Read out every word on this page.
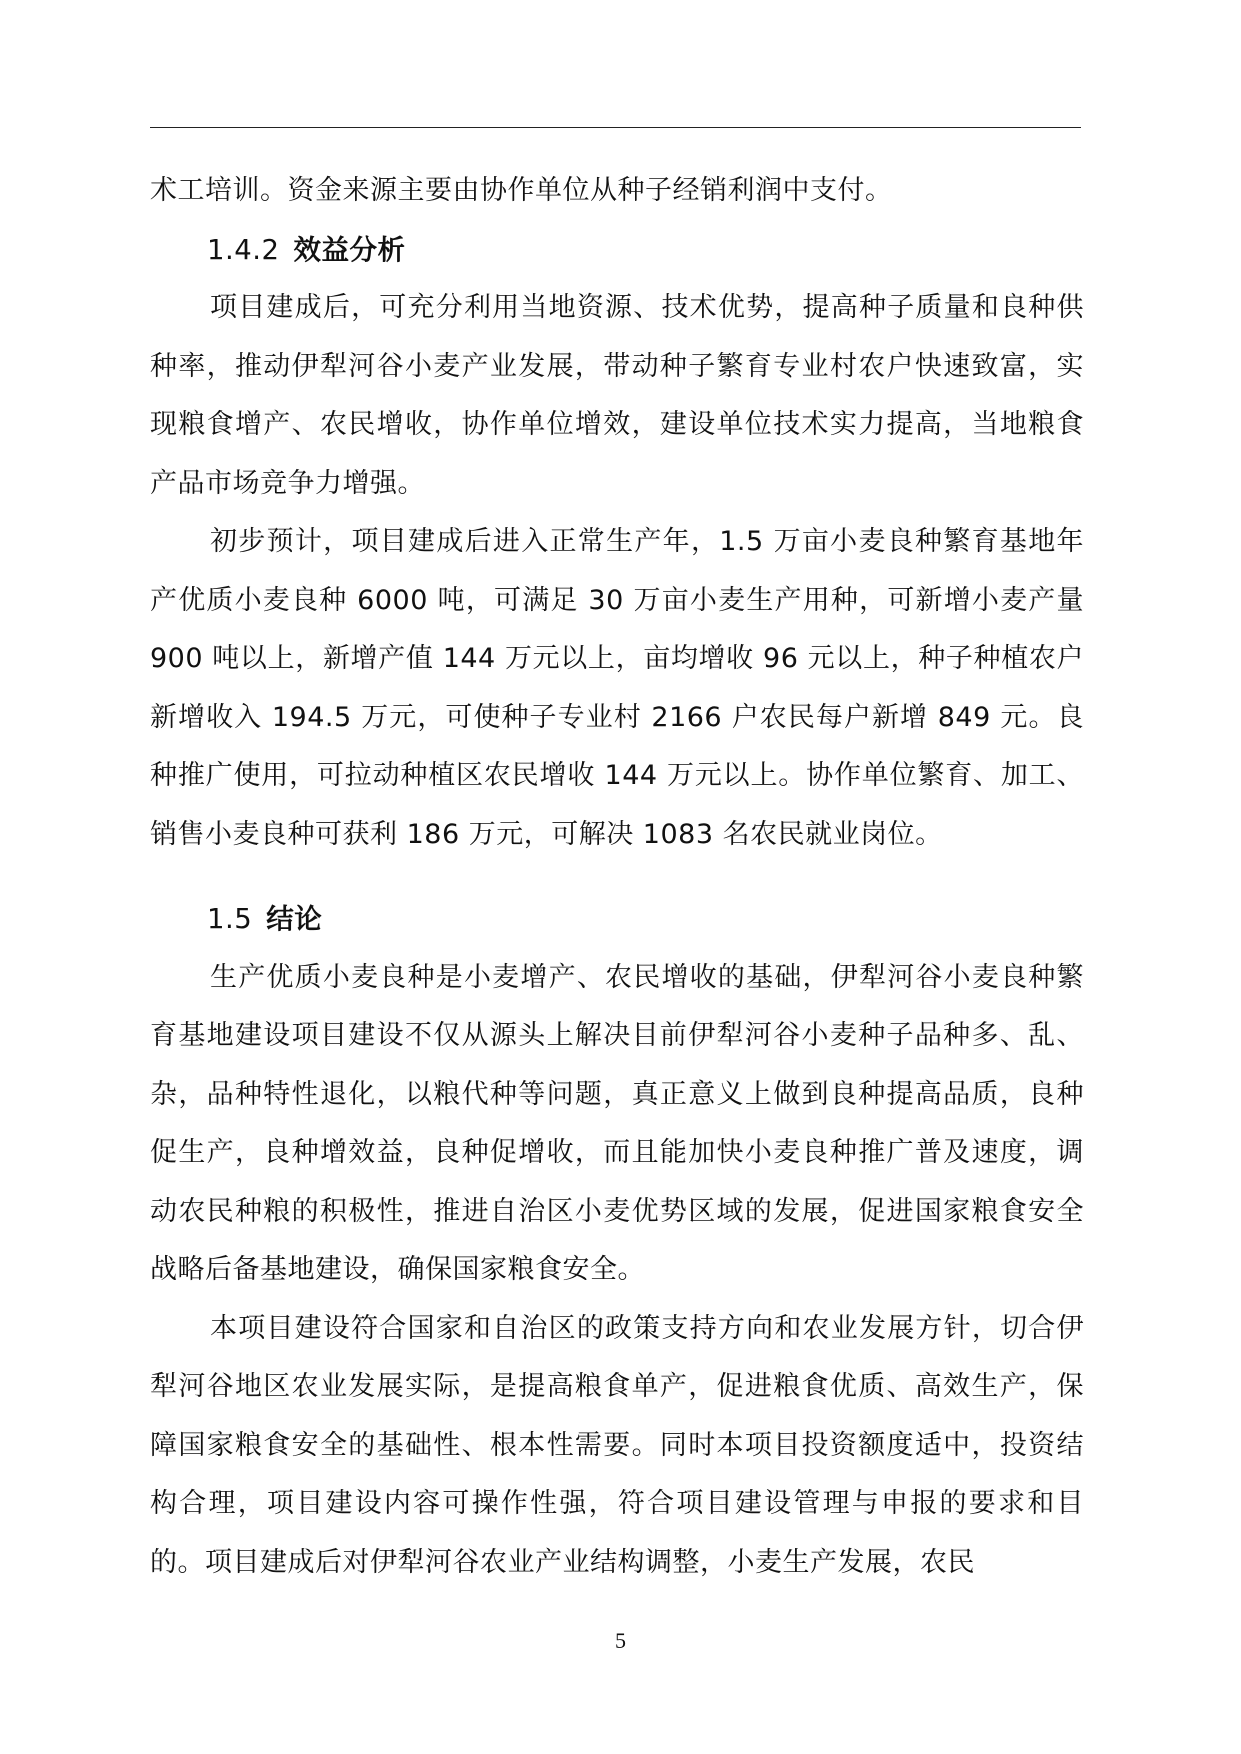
术工培训。资金来源主要由协作单位从种子经销利润中支付。

1.4.2 效益分析

项目建成后，可充分利用当地资源、技术优势，提高种子质量和良种供种率，推动伊犁河谷小麦产业发展，带动种子繁育专业村农户快速致富，实现粮食增产、农民增收，协作单位增效，建设单位技术实力提高，当地粮食产品市场竞争力增强。

初步预计，项目建成后进入正常生产年，1.5 万亩小麦良种繁育基地年产优质小麦良种 6000 吨，可满足 30 万亩小麦生产用种，可新增小麦产量 900 吨以上，新增产值 144 万元以上，亩均增收 96 元以上，种子种植农户新增收入 194.5 万元，可使种子专业村 2166 户农民每户新增 849 元。良种推广使用，可拉动种植区农民增收 144 万元以上。协作单位繁育、加工、销售小麦良种可获利 186 万元，可解决 1083 名农民就业岗位。

1.5 结论

生产优质小麦良种是小麦增产、农民增收的基础，伊犁河谷小麦良种繁育基地建设项目建设不仅从源头上解决目前伊犁河谷小麦种子品种多、乱、杂，品种特性退化，以粮代种等问题，真正意义上做到良种提高品质，良种促生产，良种增效益，良种促增收，而且能加快小麦良种推广普及速度，调动农民种粮的积极性，推进自治区小麦优势区域的发展，促进国家粮食安全战略后备基地建设，确保国家粮食安全。

本项目建设符合国家和自治区的政策支持方向和农业发展方针，切合伊犁河谷地区农业发展实际，是提高粮食单产，促进粮食优质、高效生产，保障国家粮食安全的基础性、根本性需要。同时本项目投资额度适中，投资结构合理，项目建设内容可操作性强，符合项目建设管理与申报的要求和目的。项目建成后对伊犁河谷农业产业结构调整，小麦生产发展，农民

5
